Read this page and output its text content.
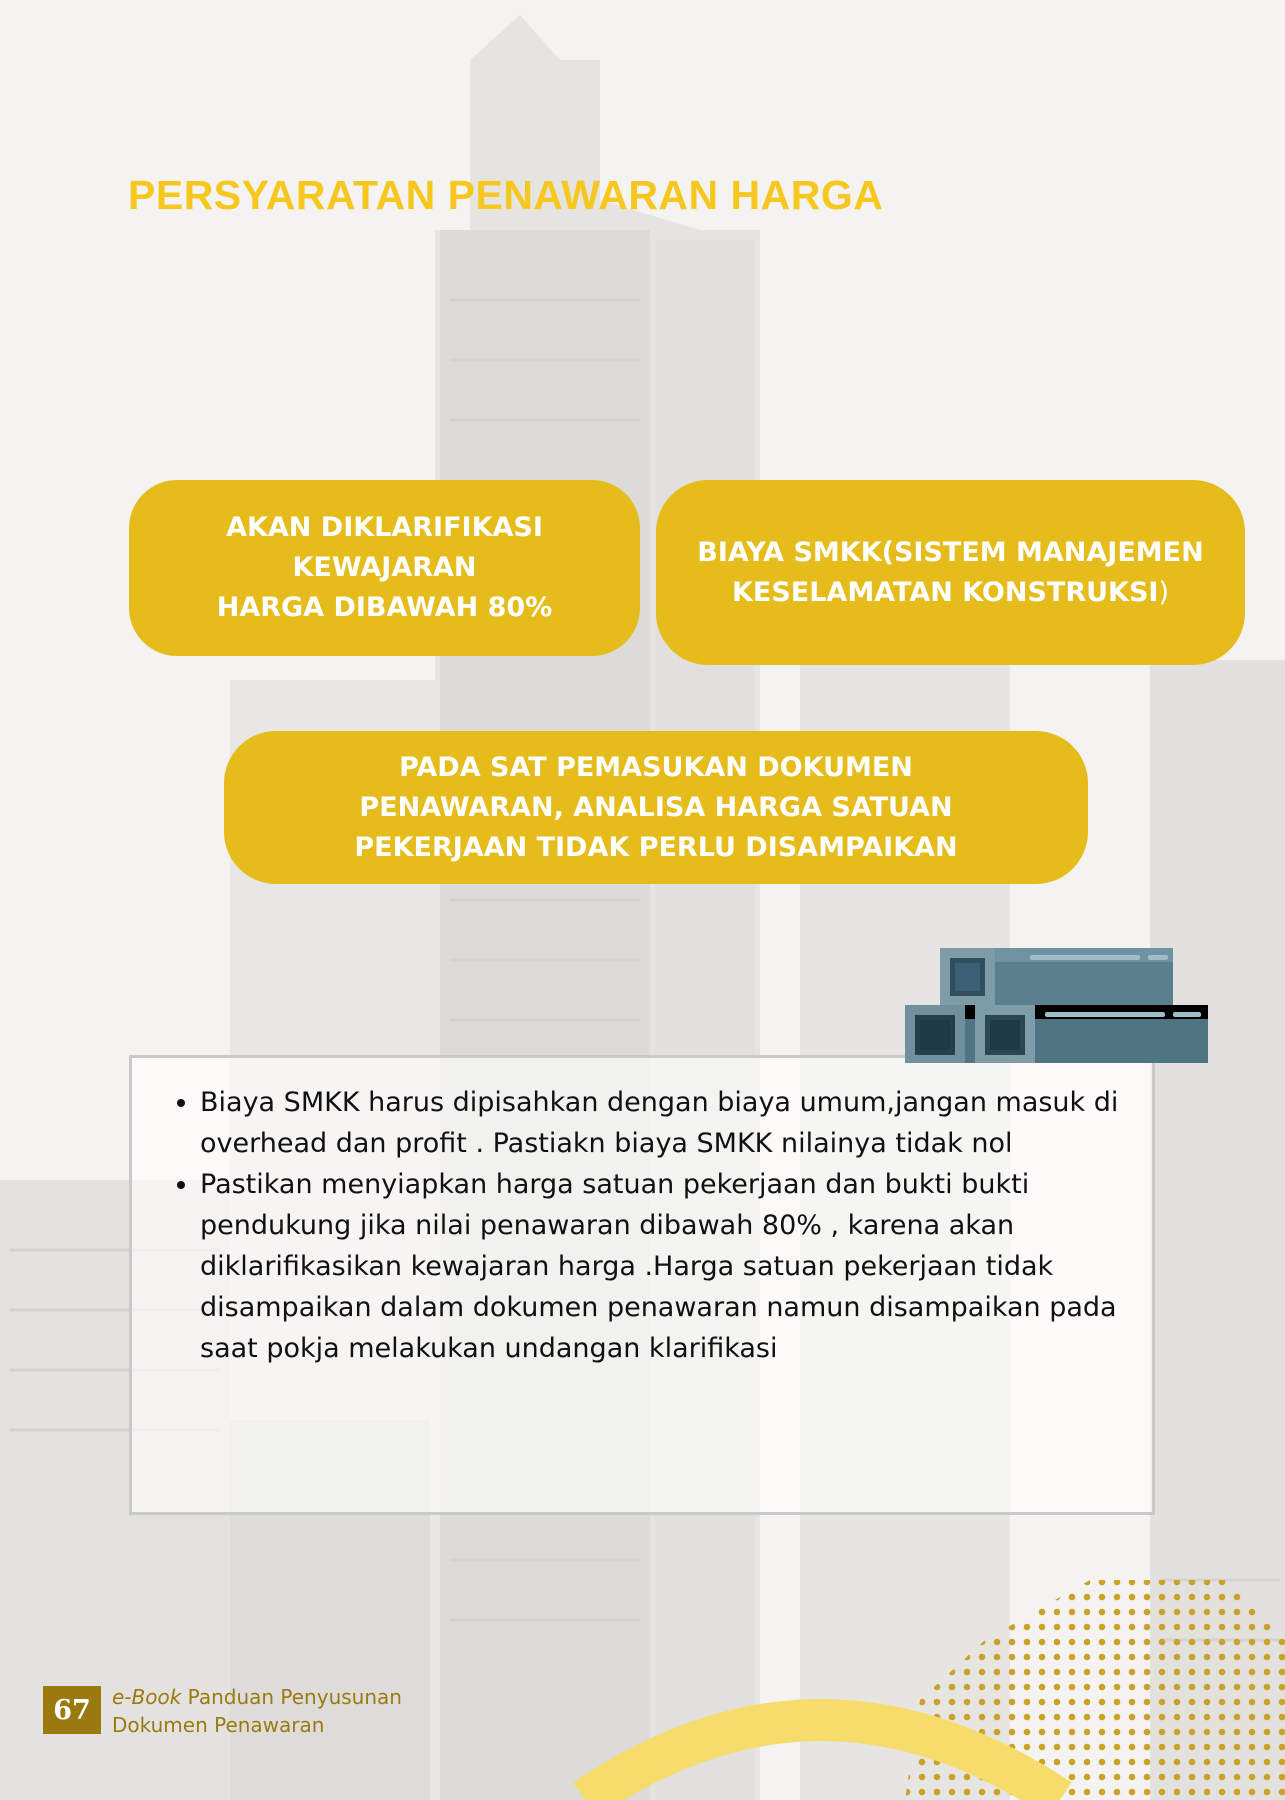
PERSYARATAN PENAWARAN HARGA
AKAN DIKLARIFIKASI
KEWAJARAN
HARGA DIBAWAH 80%
BIAYA SMKK(SISTEM MANAJEMEN
KESELAMATAN KONSTRUKSI)
PADA SAT PEMASUKAN DOKUMEN
PENAWARAN, ANALISA HARGA SATUAN
PEKERJAAN TIDAK PERLU DISAMPAIKAN
• Biaya SMKK harus dipisahkan dengan biaya umum,jangan masuk di overhead dan profit . Pastiakn biaya SMKK nilainya tidak nol
• Pastikan menyiapkan harga satuan pekerjaan dan bukti bukti pendukung jika nilai penawaran dibawah 80% , karena akan diklarifikasikan kewajaran harga .Harga satuan pekerjaan tidak disampaikan dalam dokumen penawaran namun disampaikan pada saat pokja melakukan undangan klarifikasi
67	e-Book Panduan Penyusunan
Dokumen Penawaran
